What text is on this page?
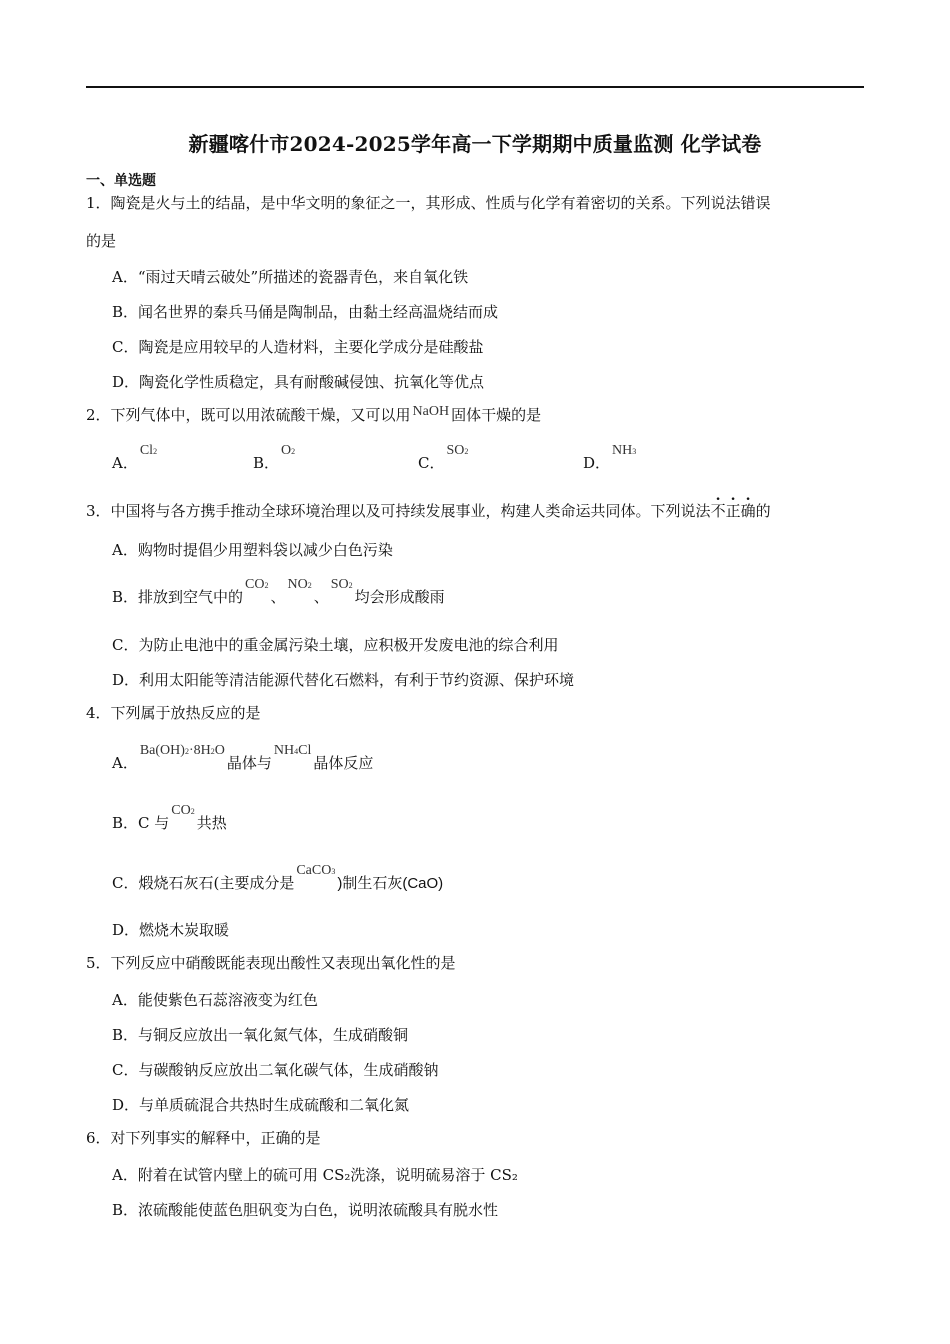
新疆喀什市2024-2025学年高一下学期期中质量监测 化学试卷
一、单选题
1．陶瓷是火与土的结晶，是中华文明的象征之一，其形成、性质与化学有着密切的关系。下列说法错误
的是
A．“雨过天晴云破处”所描述的瓷器青色，来自氧化铁
B．闻名世界的秦兵马俑是陶制品，由黏土经高温烧结而成
C．陶瓷是应用较早的人造材料，主要化学成分是硅酸盐
D．陶瓷化学性质稳定，具有耐酸碱侵蚀、抗氧化等优点
2．下列气体中，既可以用浓硫酸干燥，又可以用 NaOH 固体干燥的是
A．Cl2
B．O2
C．SO2
D．NH3
3．中国将与各方携手推动全球环境治理以及可持续发展事业，构建人类命运共同体。下列说法不正确的
A．购物时提倡少用塑料袋以减少白色污染
B．排放到空气中的CO2、NO2、SO2均会形成酸雨
C．为防止电池中的重金属污染土壤，应积极开发废电池的综合利用
D．利用太阳能等清洁能源代替化石燃料，有利于节约资源、保护环境
4．下列属于放热反应的是
A．Ba(OH)2·8H2O晶体与NH4Cl晶体反应
B．C 与CO2共热
C．煅烧石灰石(主要成分是CaCO3)制生石灰(CaO)
D．燃烧木炭取暖
5．下列反应中硝酸既能表现出酸性又表现出氧化性的是
A．能使紫色石蕊溶液变为红色
B．与铜反应放出一氧化氮气体，生成硝酸铜
C．与碳酸钠反应放出二氧化碳气体，生成硝酸钠
D．与单质硫混合共热时生成硫酸和二氧化氮
6．对下列事实的解释中，正确的是
A．附着在试管内壁上的硫可用 CS₂洗涤，说明硫易溶于 CS₂
B．浓硫酸能使蓝色胆矾变为白色，说明浓硫酸具有脱水性
